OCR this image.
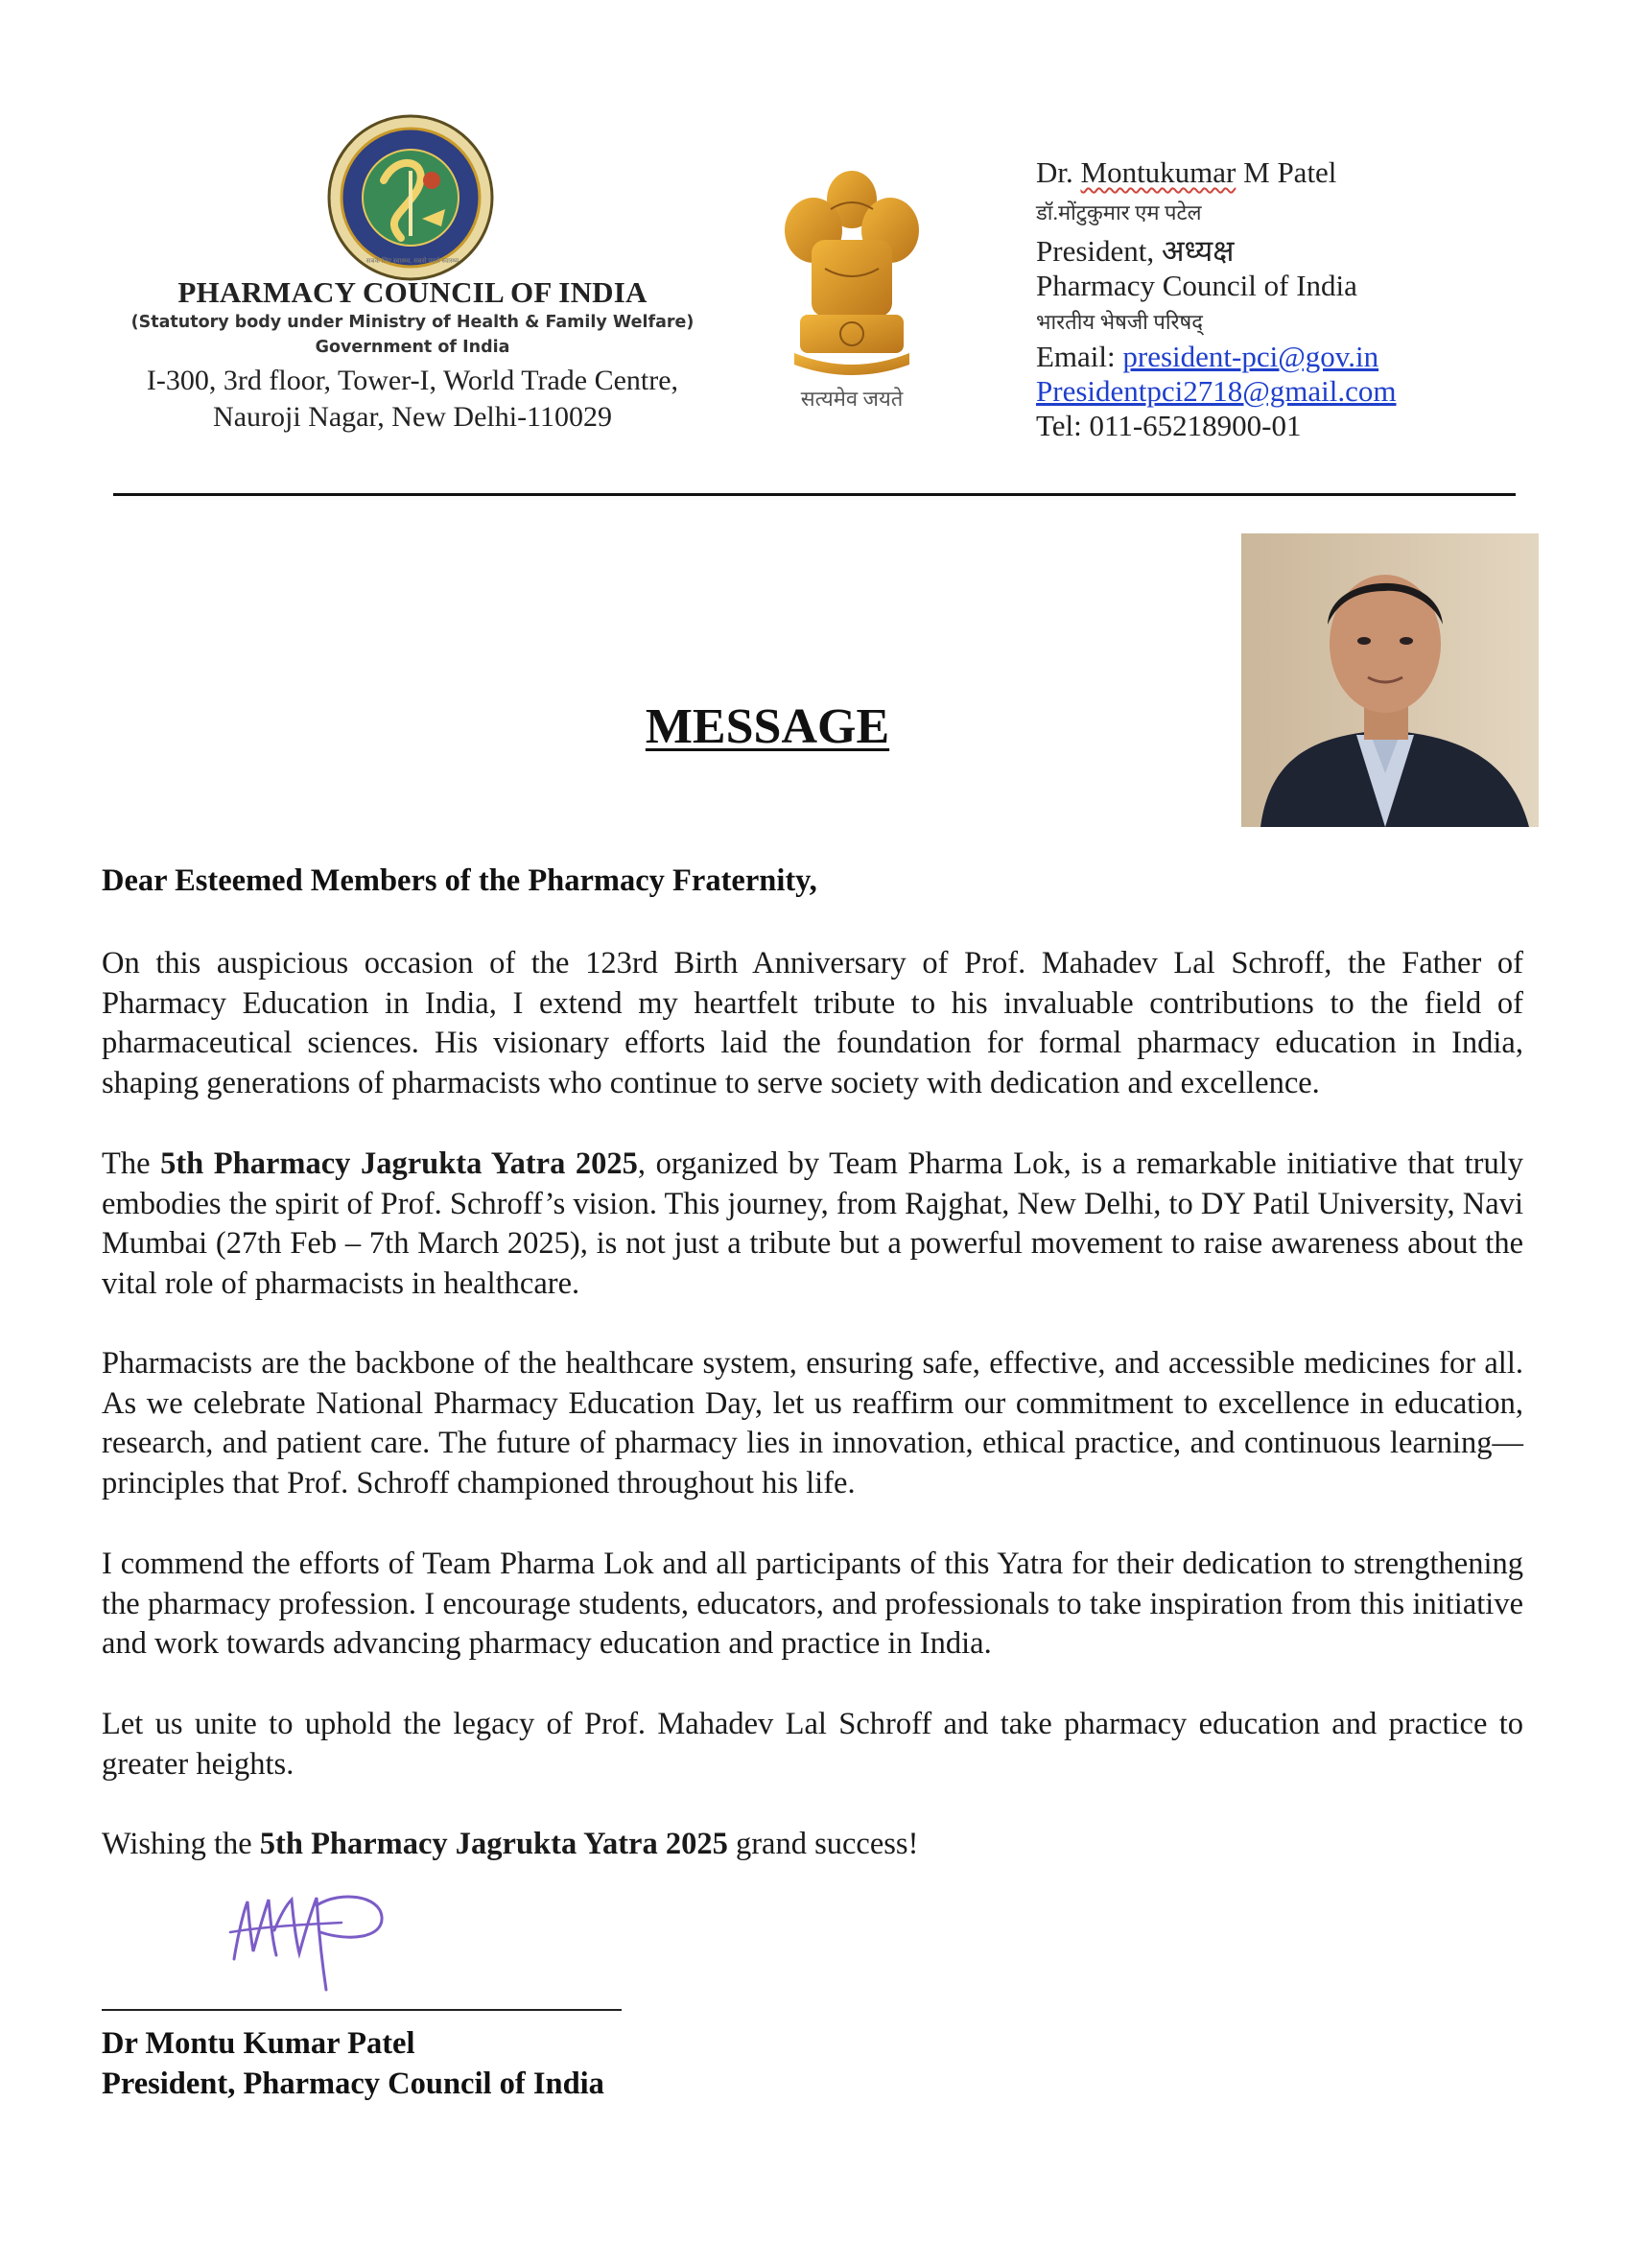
सबके लिए स्वास्थ्य, सबसे पहले स्वास्थ्य
PHARMACY COUNCIL OF INDIA
(Statutory body under Ministry of Health & Family Welfare)
Government of India
I-300, 3rd floor, Tower-I, World Trade Centre,
Nauroji Nagar, New Delhi-110029
सत्यमेव जयते
Dr. Montukumar M Patel
डॉ.मोंटुकुमार एम पटेल
President, अध्यक्ष
Pharmacy Council of India
भारतीय भेषजी परिषद्
Email: president-pci@gov.in
Presidentpci2718@gmail.com
Tel: 011-65218900-01
MESSAGE
Dear Esteemed Members of the Pharmacy Fraternity,
On this auspicious occasion of the 123rd Birth Anniversary of Prof. Mahadev Lal Schroff, the Father of Pharmacy Education in India, I extend my heartfelt tribute to his invaluable contributions to the field of pharmaceutical sciences. His visionary efforts laid the foundation for formal pharmacy education in India, shaping generations of pharmacists who continue to serve society with dedication and excellence.
The 5th Pharmacy Jagrukta Yatra 2025, organized by Team Pharma Lok, is a remarkable initiative that truly embodies the spirit of Prof. Schroff’s vision. This journey, from Rajghat, New Delhi, to DY Patil University, Navi Mumbai (27th Feb – 7th March 2025), is not just a tribute but a powerful movement to raise awareness about the vital role of pharmacists in healthcare.
Pharmacists are the backbone of the healthcare system, ensuring safe, effective, and accessible medicines for all. As we celebrate National Pharmacy Education Day, let us reaffirm our commitment to excellence in education, research, and patient care. The future of pharmacy lies in innovation, ethical practice, and continuous learning—principles that Prof. Schroff championed throughout his life.
I commend the efforts of Team Pharma Lok and all participants of this Yatra for their dedication to strengthening the pharmacy profession. I encourage students, educators, and professionals to take inspiration from this initiative and work towards advancing pharmacy education and practice in India.
Let us unite to uphold the legacy of Prof. Mahadev Lal Schroff and take pharmacy education and practice to greater heights.
Wishing the 5th Pharmacy Jagrukta Yatra 2025 grand success!
Dr Montu Kumar Patel
President, Pharmacy Council of India
